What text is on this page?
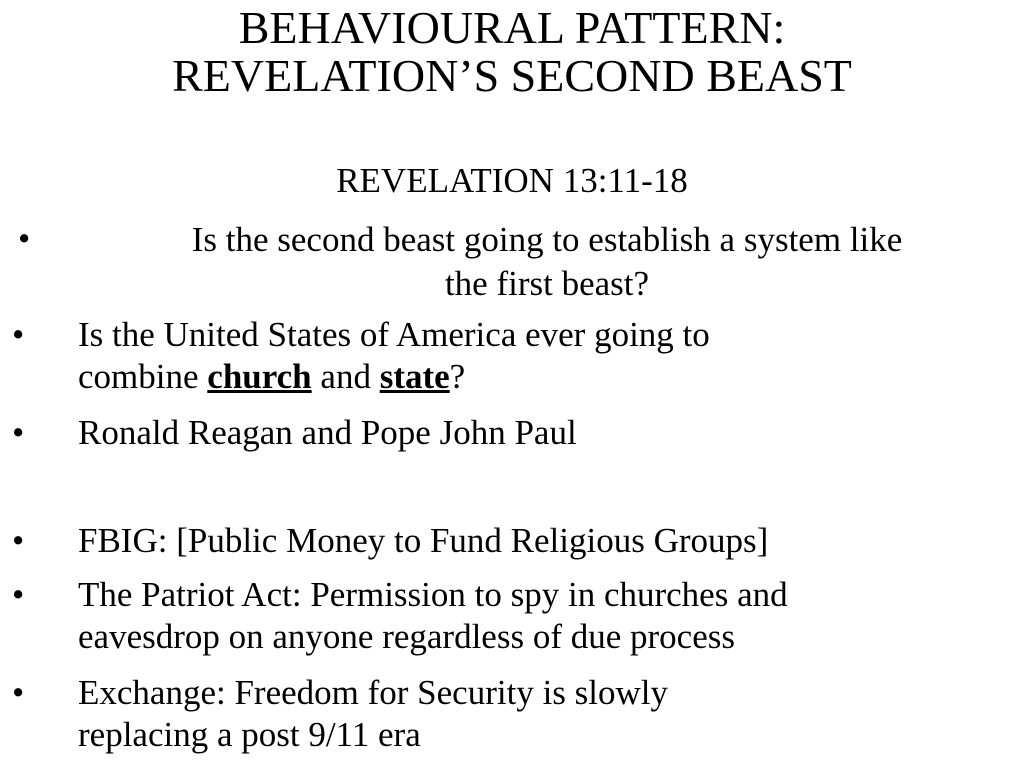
BEHAVIOURAL PATTERN:
REVELATION’S SECOND BEAST
REVELATION 13:11-18
•	Is the second beast going to establish a system like
the first beast?
• Is the United States of America ever going to
combine church and state?
• Ronald Reagan and Pope John Paul
• FBIG: [Public Money to Fund Religious Groups]
• The Patriot Act: Permission to spy in churches and
eavesdrop on anyone regardless of due process
• Exchange: Freedom for Security is slowly
replacing a post 9/11 era
